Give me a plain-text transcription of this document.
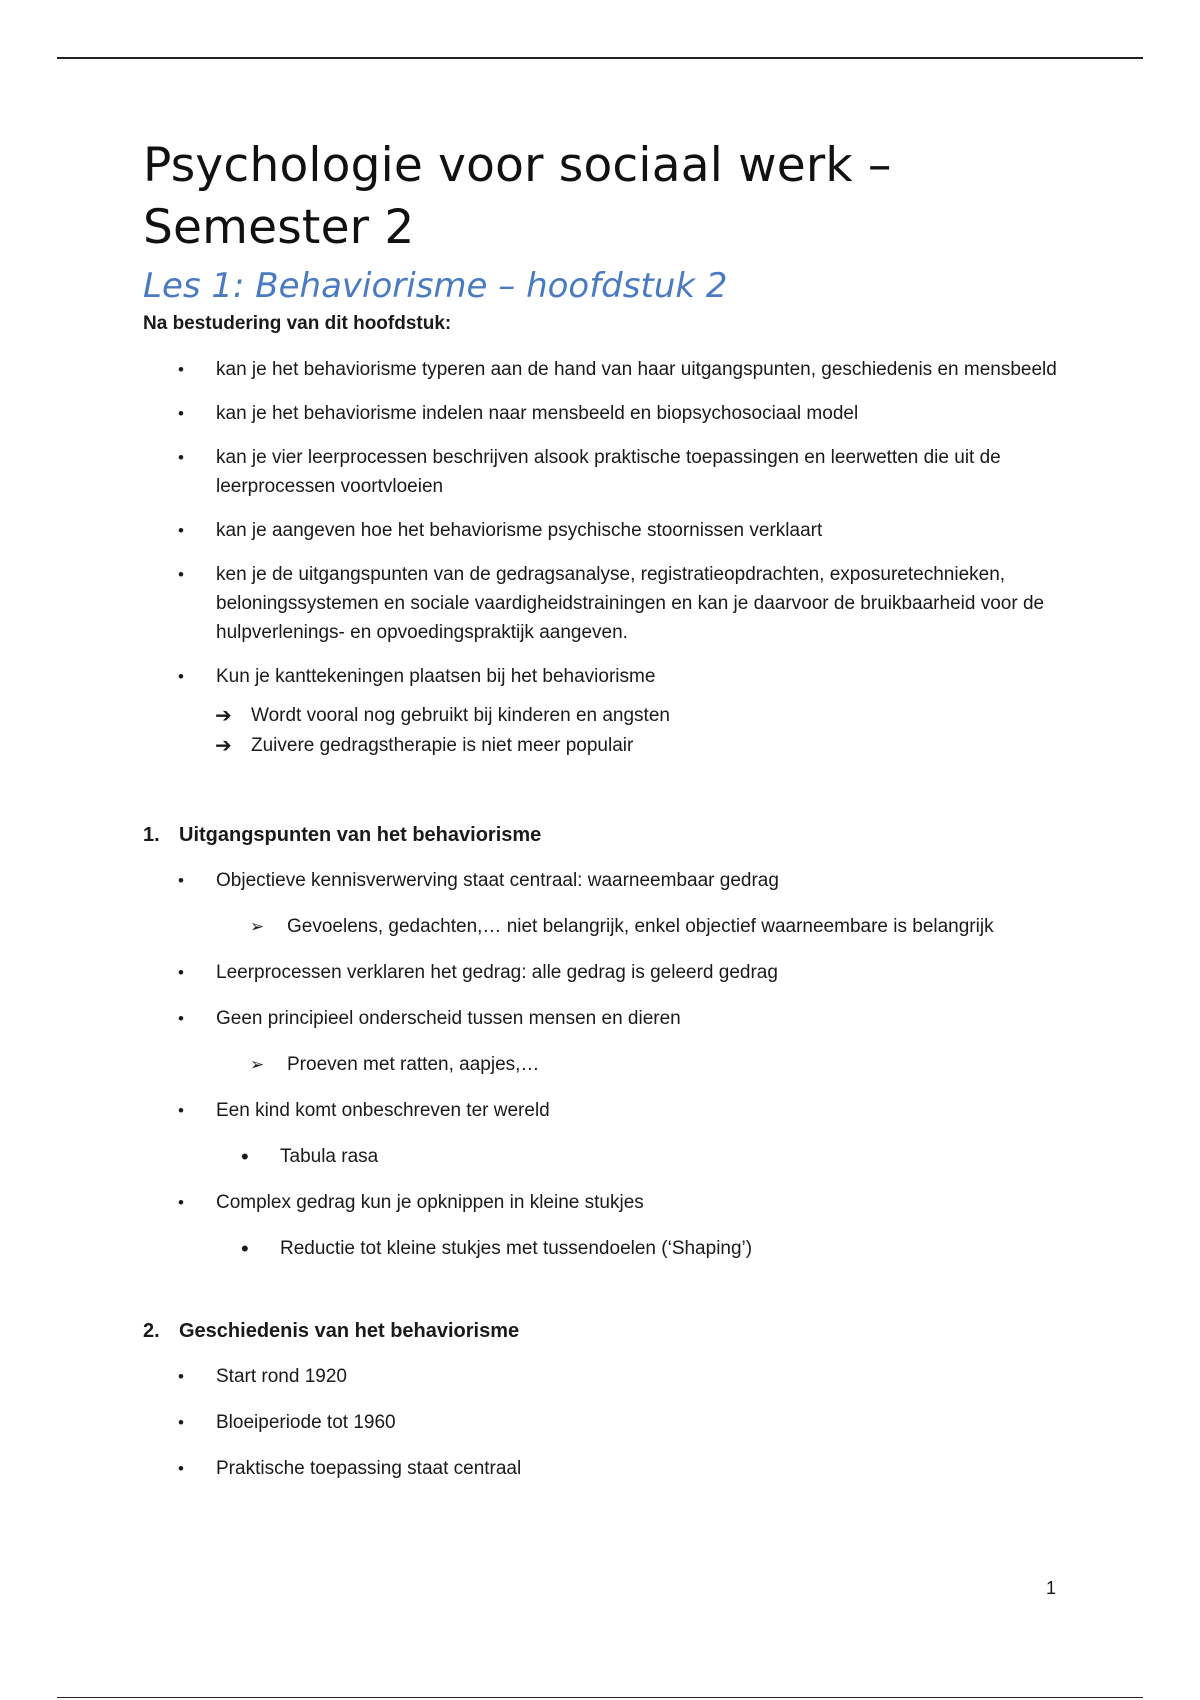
Psychologie voor sociaal werk – Semester 2
Les 1: Behaviorisme – hoofdstuk 2

Na bestudering van dit hoofdstuk:

• kan je het behaviorisme typeren aan de hand van haar uitgangspunten, geschiedenis en mensbeeld
• kan je het behaviorisme indelen naar mensbeeld en biopsychosociaal model
• kan je vier leerprocessen beschrijven alsook praktische toepassingen en leerwetten die uit de leerprocessen voortvloeien
• kan je aangeven hoe het behaviorisme psychische stoornissen verklaart
• ken je de uitgangspunten van de gedragsanalyse, registratieopdrachten, exposuretechnieken, beloningssystemen en sociale vaardigheidstrainingen en kan je daarvoor de bruikbaarheid voor de hulpverlenings- en opvoedingspraktijk aangeven.
• Kun je kanttekeningen plaatsen bij het behaviorisme
➔ Wordt vooral nog gebruikt bij kinderen en angsten
➔ Zuivere gedragstherapie is niet meer populair
1. Uitgangspunten van het behaviorisme
• Objectieve kennisverwerving staat centraal: waarneembaar gedrag
➢ Gevoelens, gedachten,… niet belangrijk, enkel objectief waarneembare is belangrijk
• Leerprocessen verklaren het gedrag: alle gedrag is geleerd gedrag
• Geen principieel onderscheid tussen mensen en dieren
➢ Proeven met ratten, aapjes,…
• Een kind komt onbeschreven ter wereld
• Tabula rasa
• Complex gedrag kun je opknippen in kleine stukjes
• Reductie tot kleine stukjes met tussendoelen (‘Shaping’)
2. Geschiedenis van het behaviorisme
• Start rond 1920
• Bloeiperiode tot 1960
• Praktische toepassing staat centraal
1
